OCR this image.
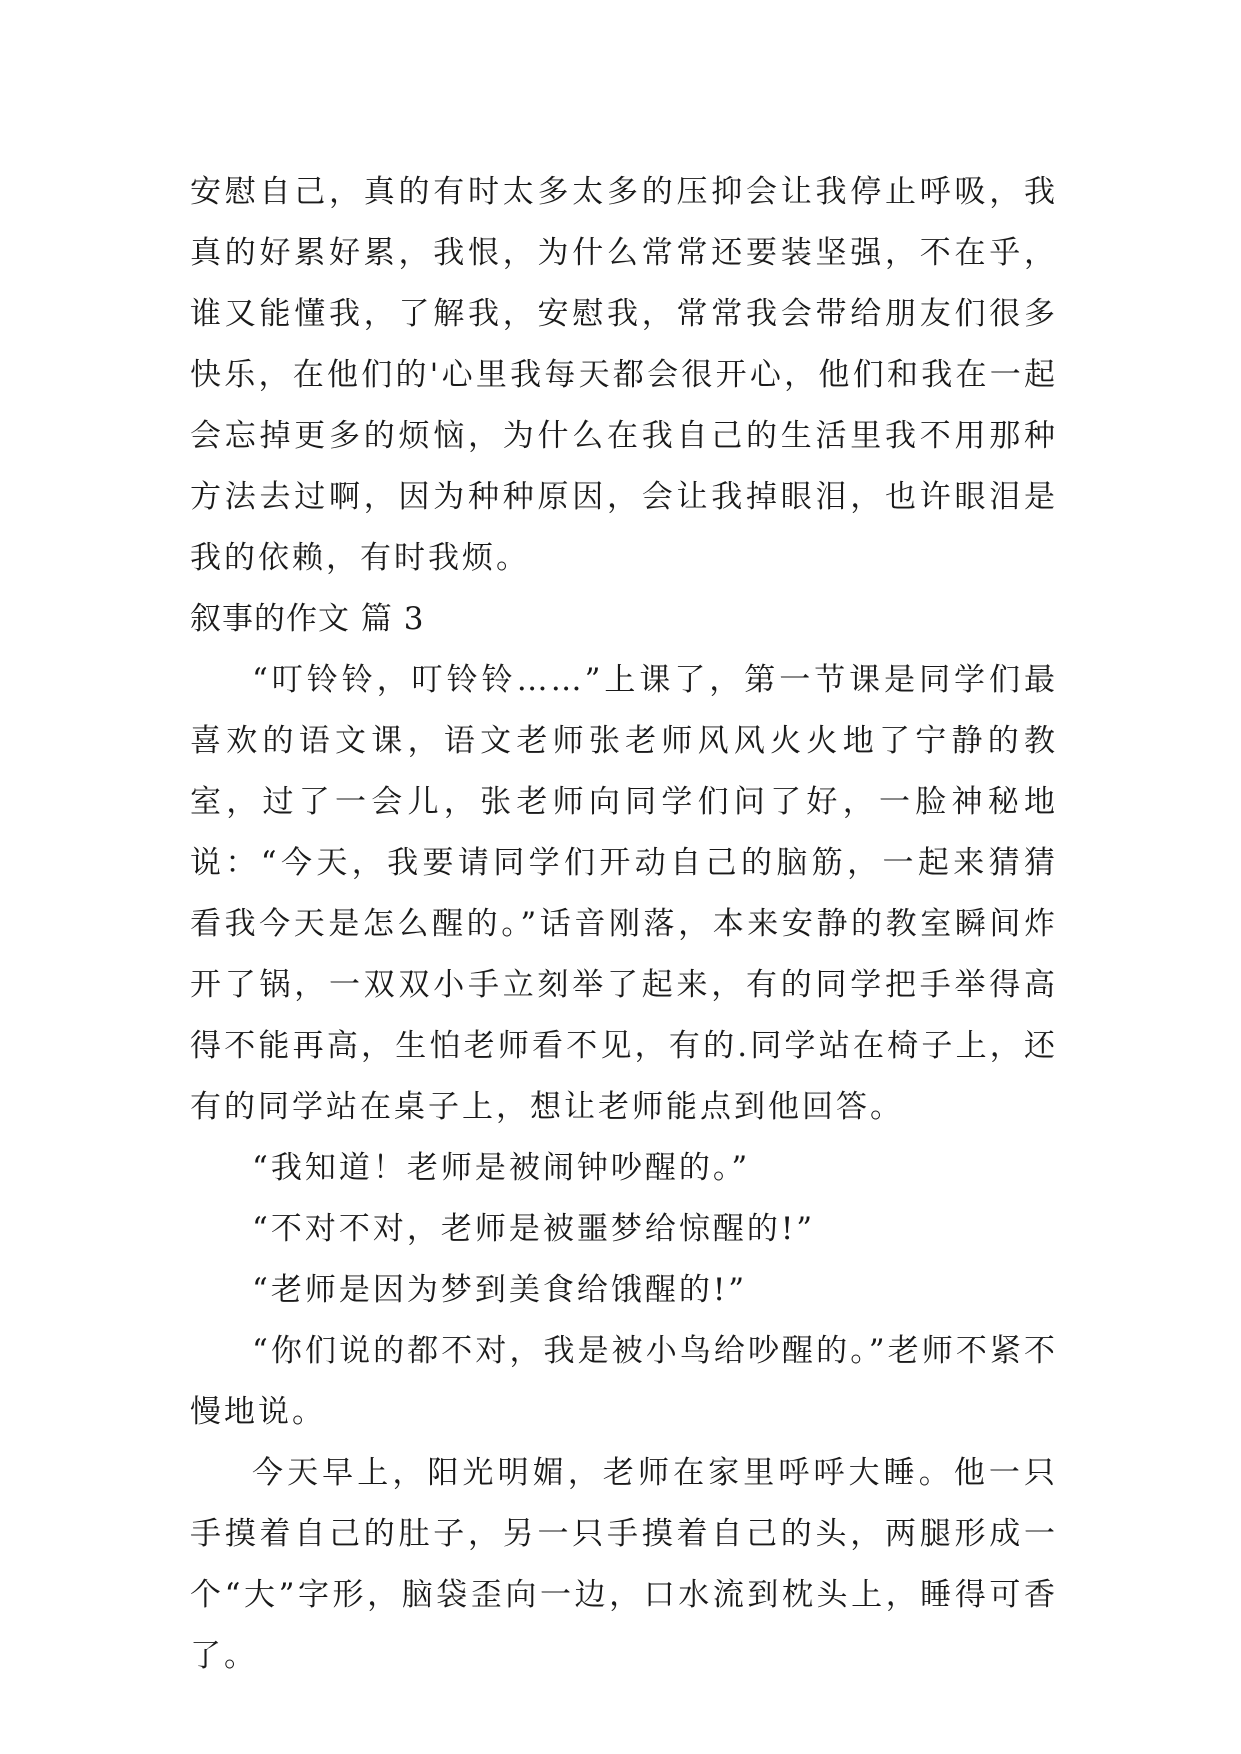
安慰自己，真的有时太多太多的压抑会让我停止呼吸，我真的好累好累，我恨，为什么常常还要装坚强，不在乎，谁又能懂我，了解我，安慰我，常常我会带给朋友们很多快乐，在他们的'心里我每天都会很开心，他们和我在一起会忘掉更多的烦恼，为什么在我自己的生活里我不用那种方法去过啊，因为种种原因，会让我掉眼泪，也许眼泪是我的依赖，有时我烦。

叙事的作文 篇 3

“叮铃铃，叮铃铃……”上课了，第一节课是同学们最喜欢的语文课，语文老师张老师风风火火地了宁静的教室，过了一会儿，张老师向同学们问了好，一脸神秘地说：“今天，我要请同学们开动自己的脑筋，一起来猜猜看我今天是怎么醒的。”话音刚落，本来安静的教室瞬间炸开了锅，一双双小手立刻举了起来，有的同学把手举得高得不能再高，生怕老师看不见，有的.同学站在椅子上，还有的同学站在桌子上，想让老师能点到他回答。

“我知道！老师是被闹钟吵醒的。”

“不对不对，老师是被噩梦给惊醒的!”

“老师是因为梦到美食给饿醒的!”

“你们说的都不对，我是被小鸟给吵醒的。”老师不紧不慢地说。

今天早上，阳光明媚，老师在家里呼呼大睡。他一只手摸着自己的肚子，另一只手摸着自己的头，两腿形成一个“大”字形，脑袋歪向一边，口水流到枕头上，睡得可香了。
